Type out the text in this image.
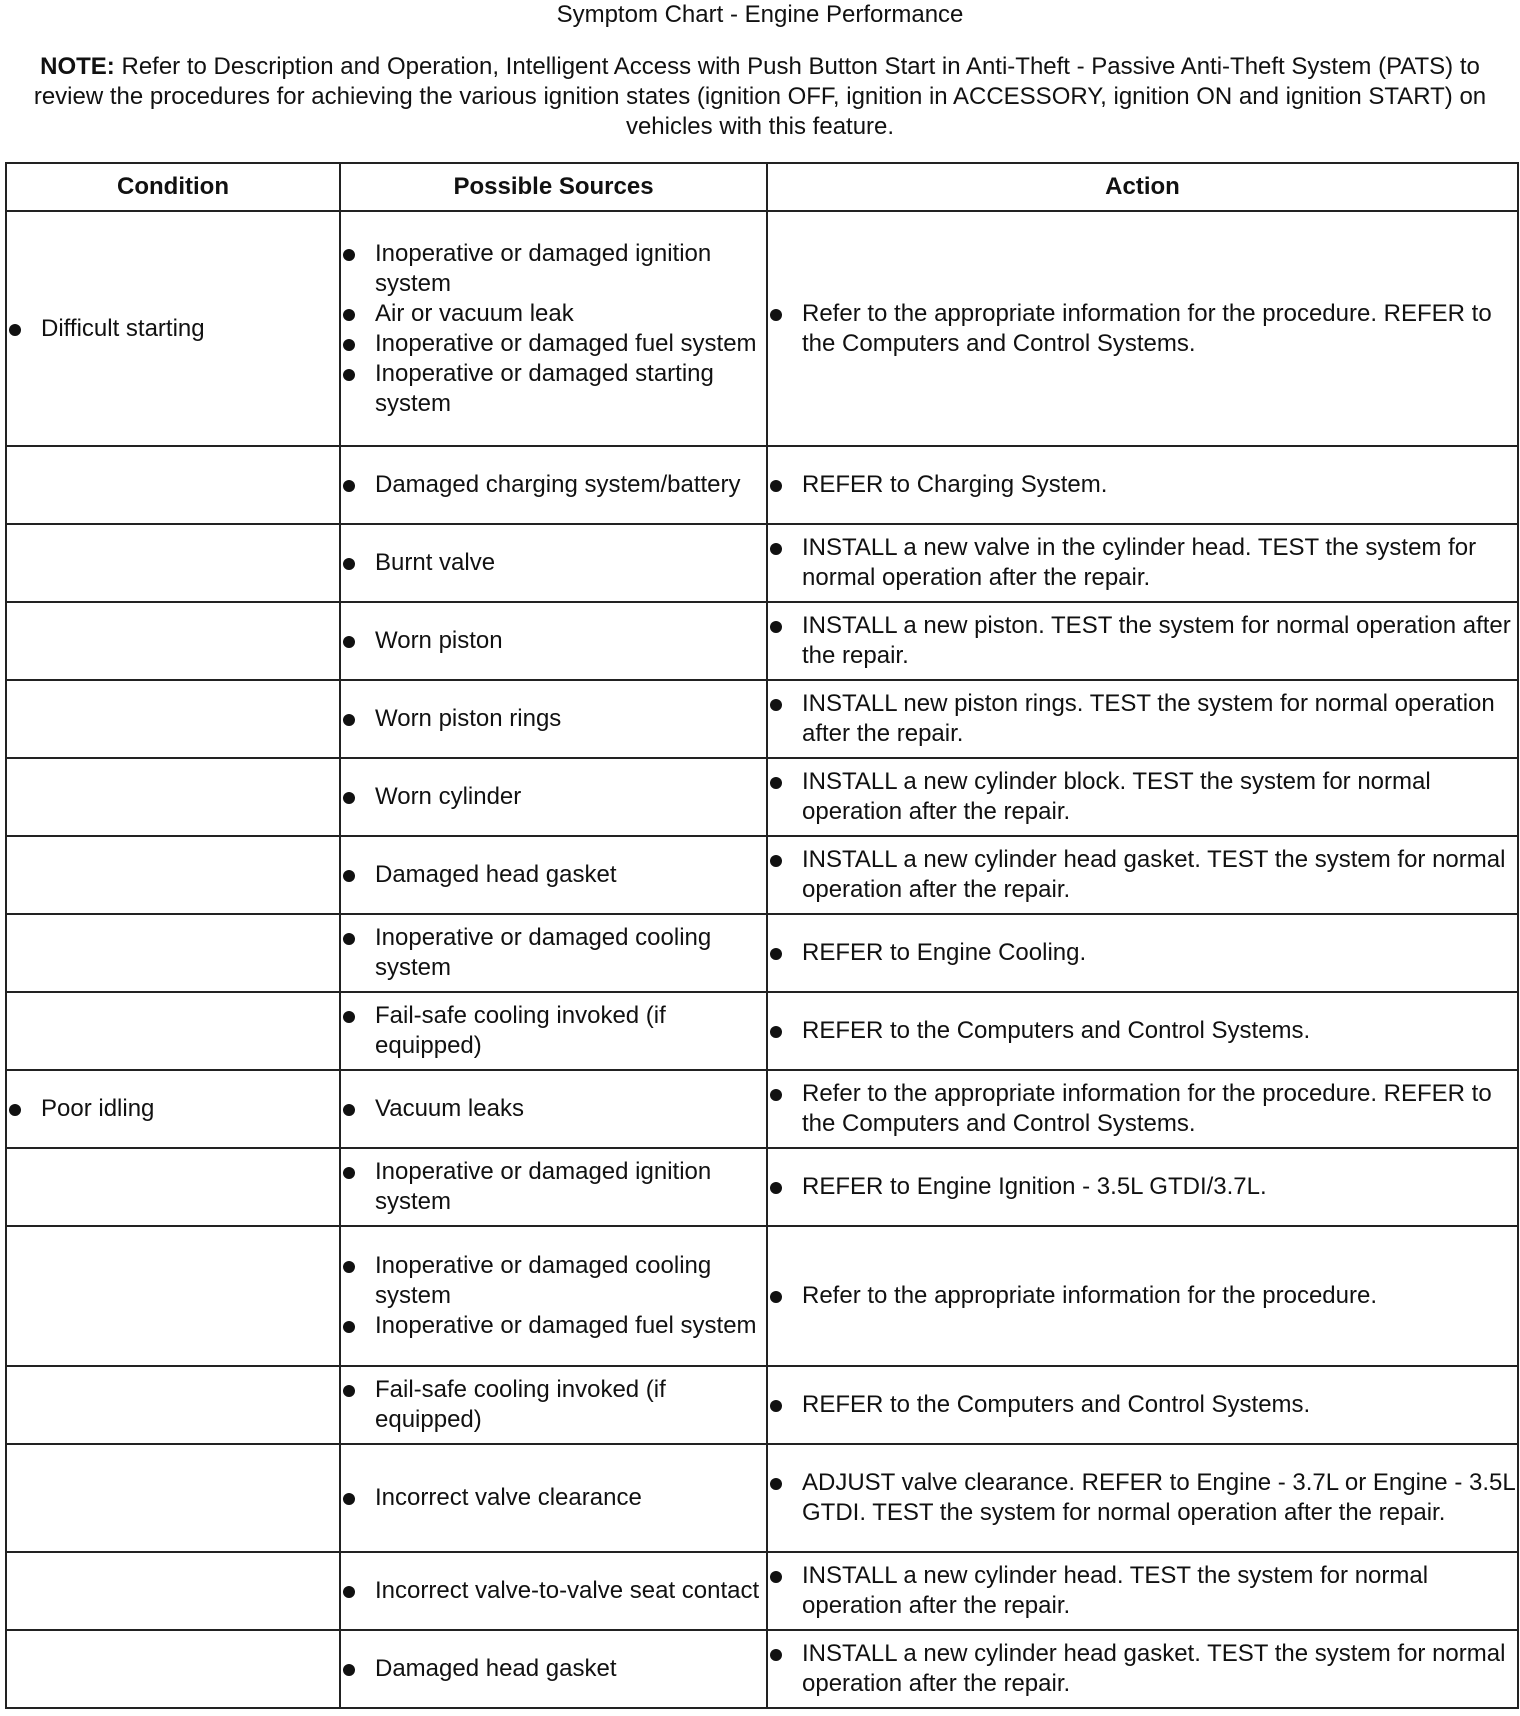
Symptom Chart - Engine Performance
NOTE: Refer to Description and Operation, Intelligent Access with Push Button Start in Anti-Theft - Passive Anti-Theft System (PATS) to review the procedures for achieving the various ignition states (ignition OFF, ignition in ACCESSORY, ignition ON and ignition START) on vehicles with this feature.
Condition	Possible Sources	Action

Difficult starting	Inoperative or damaged ignition system
Air or vacuum leak
Inoperative or damaged fuel system
Inoperative or damaged starting system	Refer to the appropriate information for the procedure. REFER to the Computers and Control Systems.

	Damaged charging system/battery	REFER to Charging System.

	Burnt valve	INSTALL a new valve in the cylinder head. TEST the system for normal operation after the repair.

	Worn piston	INSTALL a new piston. TEST the system for normal operation after the repair.

	Worn piston rings	INSTALL new piston rings. TEST the system for normal operation after the repair.

	Worn cylinder	INSTALL a new cylinder block. TEST the system for normal operation after the repair.

	Damaged head gasket	INSTALL a new cylinder head gasket. TEST the system for normal operation after the repair.

	Inoperative or damaged cooling system	REFER to Engine Cooling.

	Fail-safe cooling invoked (if equipped)	REFER to the Computers and Control Systems.

Poor idling	Vacuum leaks	Refer to the appropriate information for the procedure. REFER to the Computers and Control Systems.

	Inoperative or damaged ignition system	REFER to Engine Ignition - 3.5L GTDI/3.7L.

	Inoperative or damaged cooling system
Inoperative or damaged fuel system	Refer to the appropriate information for the procedure.

	Fail-safe cooling invoked (if equipped)	REFER to the Computers and Control Systems.

	Incorrect valve clearance	ADJUST valve clearance. REFER to Engine - 3.7L or Engine - 3.5L GTDI. TEST the system for normal operation after the repair.

	Incorrect valve-to-valve seat contact	INSTALL a new cylinder head. TEST the system for normal operation after the repair.

	Damaged head gasket	INSTALL a new cylinder head gasket. TEST the system for normal operation after the repair.
